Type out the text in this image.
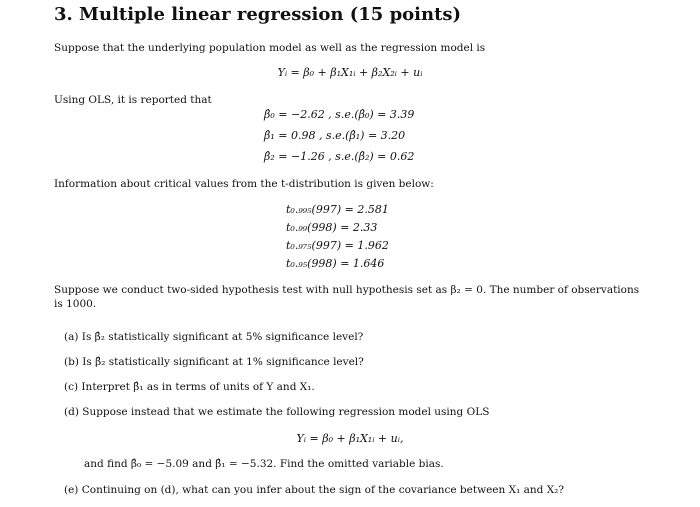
3. Multiple linear regression (15 points)
Suppose that the underlying population model as well as the regression model is
Yᵢ = β₀ + β₁X₁ᵢ + β₂X₂ᵢ + uᵢ
Using OLS, it is reported that
β̂₀ = −2.62 , s.e.(β̂₀) = 3.39
β̂₁ = 0.98 , s.e.(β̂₁) = 3.20
β̂₂ = −1.26 , s.e.(β̂₂) = 0.62
Information about critical values from the t-distribution is given below:
t₀.₉₉₅(997) = 2.581
t₀.₉₉(998) = 2.33
t₀.₉₇₅(997) = 1.962
t₀.₉₅(998) = 1.646
Suppose we conduct two-sided hypothesis test with null hypothesis set as β₂ = 0. The number of observations
is 1000.
(a) Is β̂₂ statistically significant at 5% significance level?
(b) Is β̂₂ statistically significant at 1% significance level?
(c) Interpret β̂₁ as in terms of units of Y and X₁.
(d) Suppose instead that we estimate the following regression model using OLS
Yᵢ = β₀ + β₁X₁ᵢ + uᵢ,
and find β̂₀ = −5.09 and β̂₁ = −5.32. Find the omitted variable bias.
(e) Continuing on (d), what can you infer about the sign of the covariance between X₁ and X₂?
